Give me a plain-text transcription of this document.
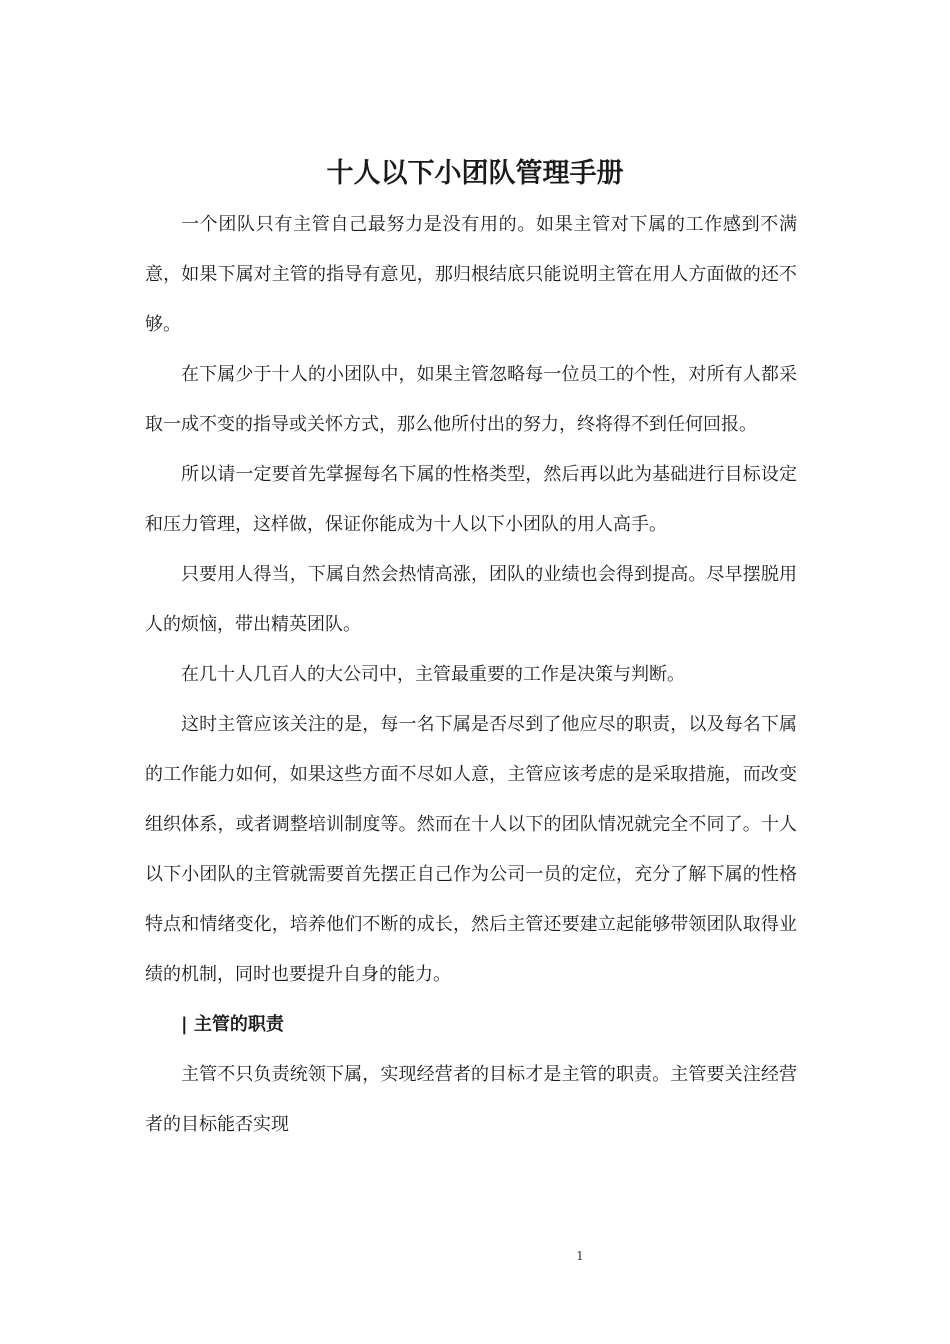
十人以下小团队管理手册

一个团队只有主管自己最努力是没有用的。如果主管对下属的工作感到不满意，如果下属对主管的指导有意见，那归根结底只能说明主管在用人方面做的还不够。

在下属少于十人的小团队中，如果主管忽略每一位员工的个性，对所有人都采取一成不变的指导或关怀方式，那么他所付出的努力，终将得不到任何回报。

所以请一定要首先掌握每名下属的性格类型，然后再以此为基础进行目标设定和压力管理，这样做，保证你能成为十人以下小团队的用人高手。

只要用人得当，下属自然会热情高涨，团队的业绩也会得到提高。尽早摆脱用人的烦恼，带出精英团队。

在几十人几百人的大公司中，主管最重要的工作是决策与判断。

这时主管应该关注的是，每一名下属是否尽到了他应尽的职责，以及每名下属的工作能力如何，如果这些方面不尽如人意，主管应该考虑的是采取措施，而改变组织体系，或者调整培训制度等。然而在十人以下的团队情况就完全不同了。十人以下小团队的主管就需要首先摆正自己作为公司一员的定位，充分了解下属的性格特点和情绪变化，培养他们不断的成长，然后主管还要建立起能够带领团队取得业绩的机制，同时也要提升自身的能力。

| 主管的职责

主管不只负责统领下属，实现经营者的目标才是主管的职责。主管要关注经营者的目标能否实现

1
